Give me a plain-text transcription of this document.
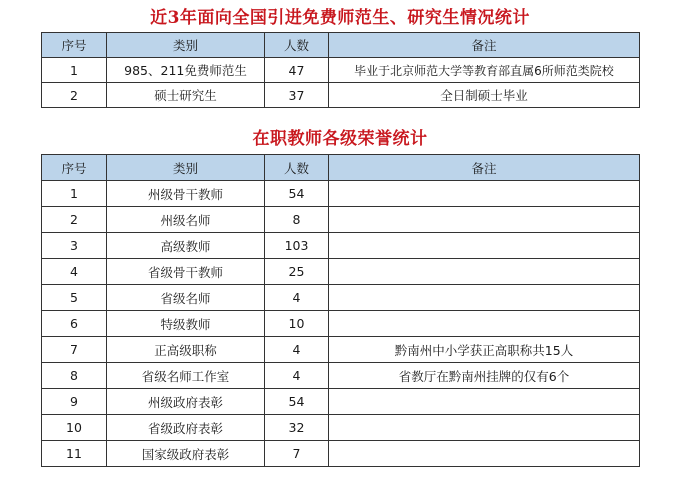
近3年面向全国引进免费师范生、研究生情况统计
序号	类别	人数	备注
1	985、211免费师范生	47	毕业于北京师范大学等教育部直属6所师范类院校
2	硕士研究生	37	全日制硕士毕业
在职教师各级荣誉统计
序号	类别	人数	备注
1	州级骨干教师	54	
2	州级名师	8	
3	高级教师	103	
4	省级骨干教师	25	
5	省级名师	4	
6	特级教师	10	
7	正高级职称	4	黔南州中小学获正高职称共15人
8	省级名师工作室	4	省教厅在黔南州挂牌的仅有6个
9	州级政府表彰	54	
10	省级政府表彰	32	
11	国家级政府表彰	7	
